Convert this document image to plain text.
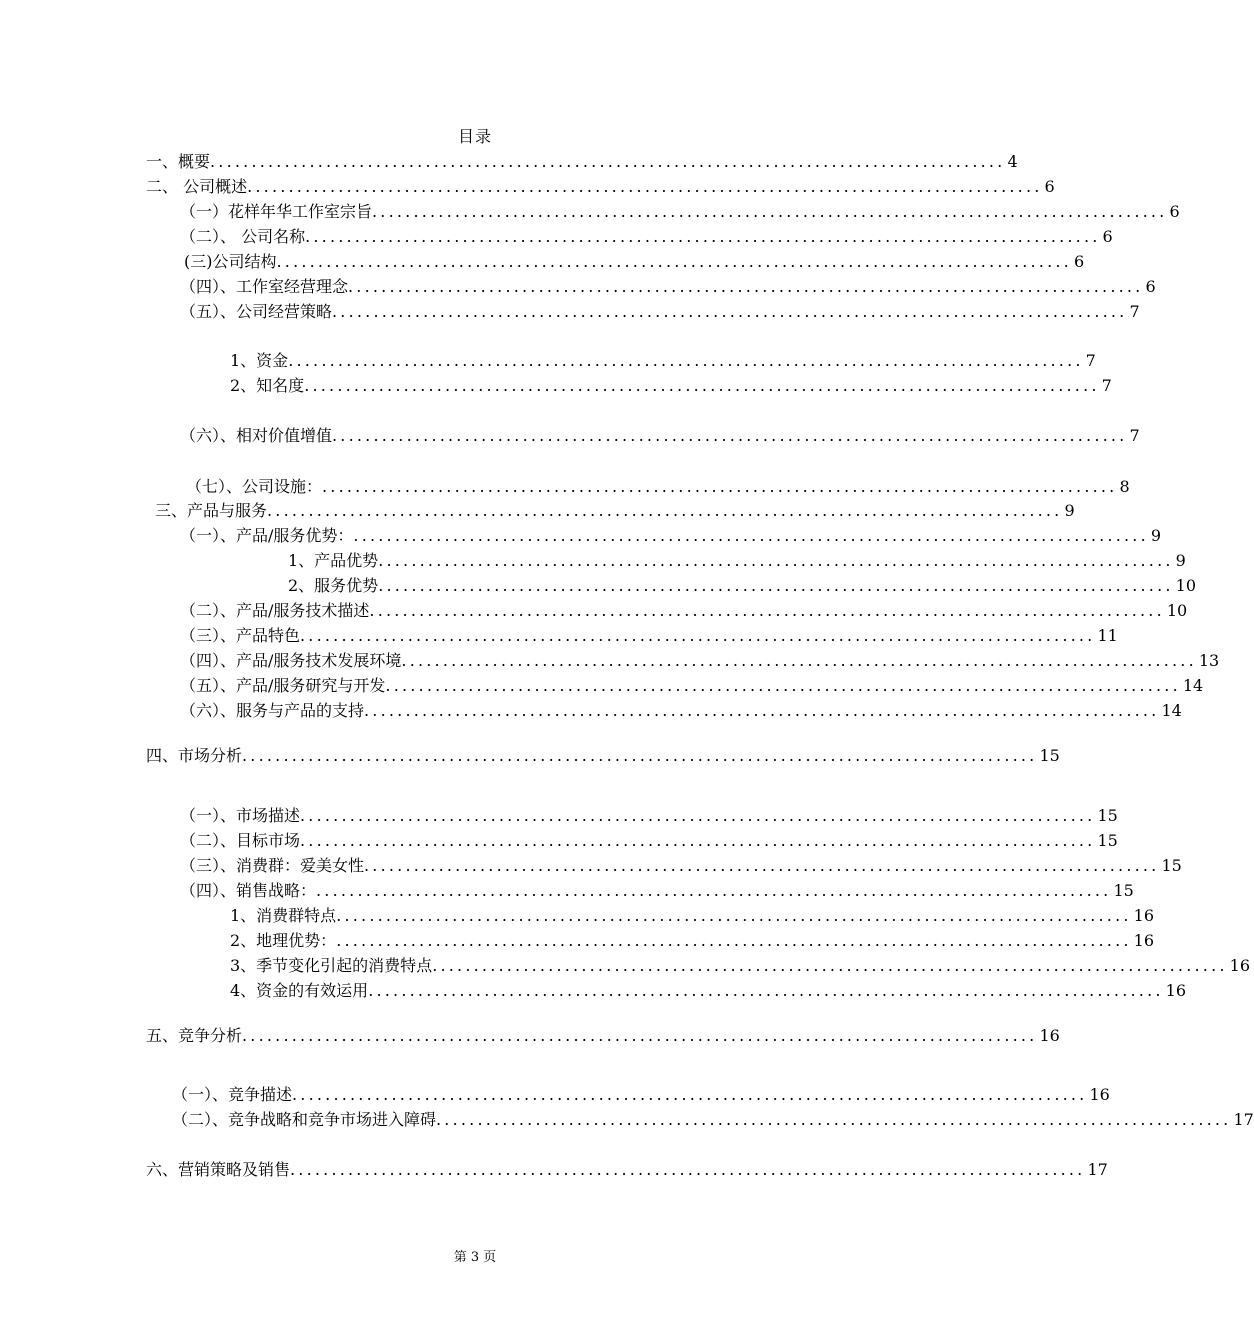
目录
一、概要 ................................................................................................ 4
二、 公司概述 ................................................................................................ 6
（一）花样年华工作室宗旨 ................................................................................................ 6
（二）、 公司名称 ................................................................................................ 6
(三)公司结构 ................................................................................................ 6
（四）、工作室经营理念 ................................................................................................ 6
（五）、公司经营策略 ................................................................................................ 7
1、资金 ................................................................................................ 7
2、知名度 ................................................................................................ 7
（六）、相对价值增值 ................................................................................................ 7
（七）、公司设施： ................................................................................................ 8
三、产品与服务 ................................................................................................ 9
（一）、产品/服务优势： ................................................................................................ 9
1、产品优势 ................................................................................................ 9
2、服务优势 ................................................................................................ 10
（二）、产品/服务技术描述 ................................................................................................ 10
（三）、产品特色 ................................................................................................ 11
（四）、产品/服务技术发展环境 ................................................................................................ 13
（五）、产品/服务研究与开发 ................................................................................................ 14
（六）、服务与产品的支持 ................................................................................................ 14
四、市场分析 ................................................................................................ 15
（一）、市场描述 ................................................................................................ 15
（二）、目标市场 ................................................................................................ 15
（三）、消费群：爱美女性 ................................................................................................ 15
（四）、销售战略： ................................................................................................ 15
1、消费群特点 ................................................................................................ 16
2、地理优势： ................................................................................................ 16
3、季节变化引起的消费特点 ................................................................................................ 16
4、资金的有效运用 ................................................................................................ 16
五、竞争分析 ................................................................................................ 16
（一）、竞争描述 ................................................................................................ 16
（二）、竞争战略和竞争市场进入障碍 ................................................................................................ 17
六、营销策略及销售 ................................................................................................ 17
第 3 页
